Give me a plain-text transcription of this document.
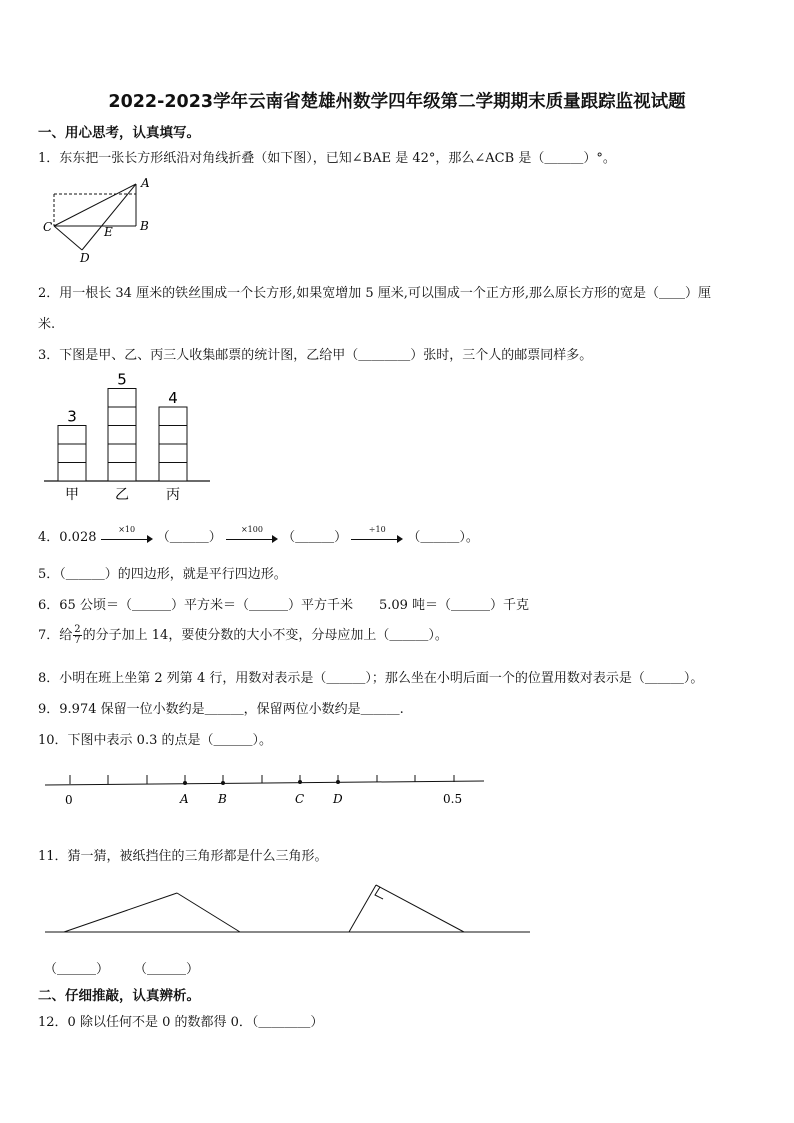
2022-2023学年云南省楚雄州数学四年级第二学期期末质量跟踪监视试题
一、用心思考，认真填写。
1．东东把一张长方形纸沿对角线折叠（如下图），已知∠BAE 是 42°，那么∠ACB 是（＿＿＿）°。
A
B
C
D
E
2．用一根长 34 厘米的铁丝围成一个长方形,如果宽增加 5 厘米,可以围成一个正方形,那么原长方形的宽是（＿＿）厘
米.
3．下图是甲、乙、丙三人收集邮票的统计图，乙给甲（＿＿＿＿）张时，三个人的邮票同样多。
3
甲
5
乙
4
丙
4．0.028
×10
（＿＿＿）
×100
（＿＿＿）
÷10
（＿＿＿）。
5．（＿＿＿）的四边形，就是平行四边形。
6．65 公顷＝（＿＿＿）平方米＝（＿＿＿）平方千米　　5.09 吨＝（＿＿＿）千克
7．给 $\frac{2}{7}$ 的分子加上 14，要使分数的大小不变，分母应加上（＿＿＿）。
8．小明在班上坐第 2 列第 4 行，用数对表示是（＿＿＿）；那么坐在小明后面一个的位置用数对表示是（＿＿＿）。
9．9.974 保留一位小数约是＿＿＿，保留两位小数约是＿＿＿.
10．下图中表示 0.3 的点是（＿＿＿）。
0	A B	C D	0.5
11．猜一猜，被纸挡住的三角形都是什么三角形。
（＿＿＿） （＿＿＿）
二、仔细推敲，认真辨析。
12．0 除以任何不是 0 的数都得 0．（＿＿＿＿）
